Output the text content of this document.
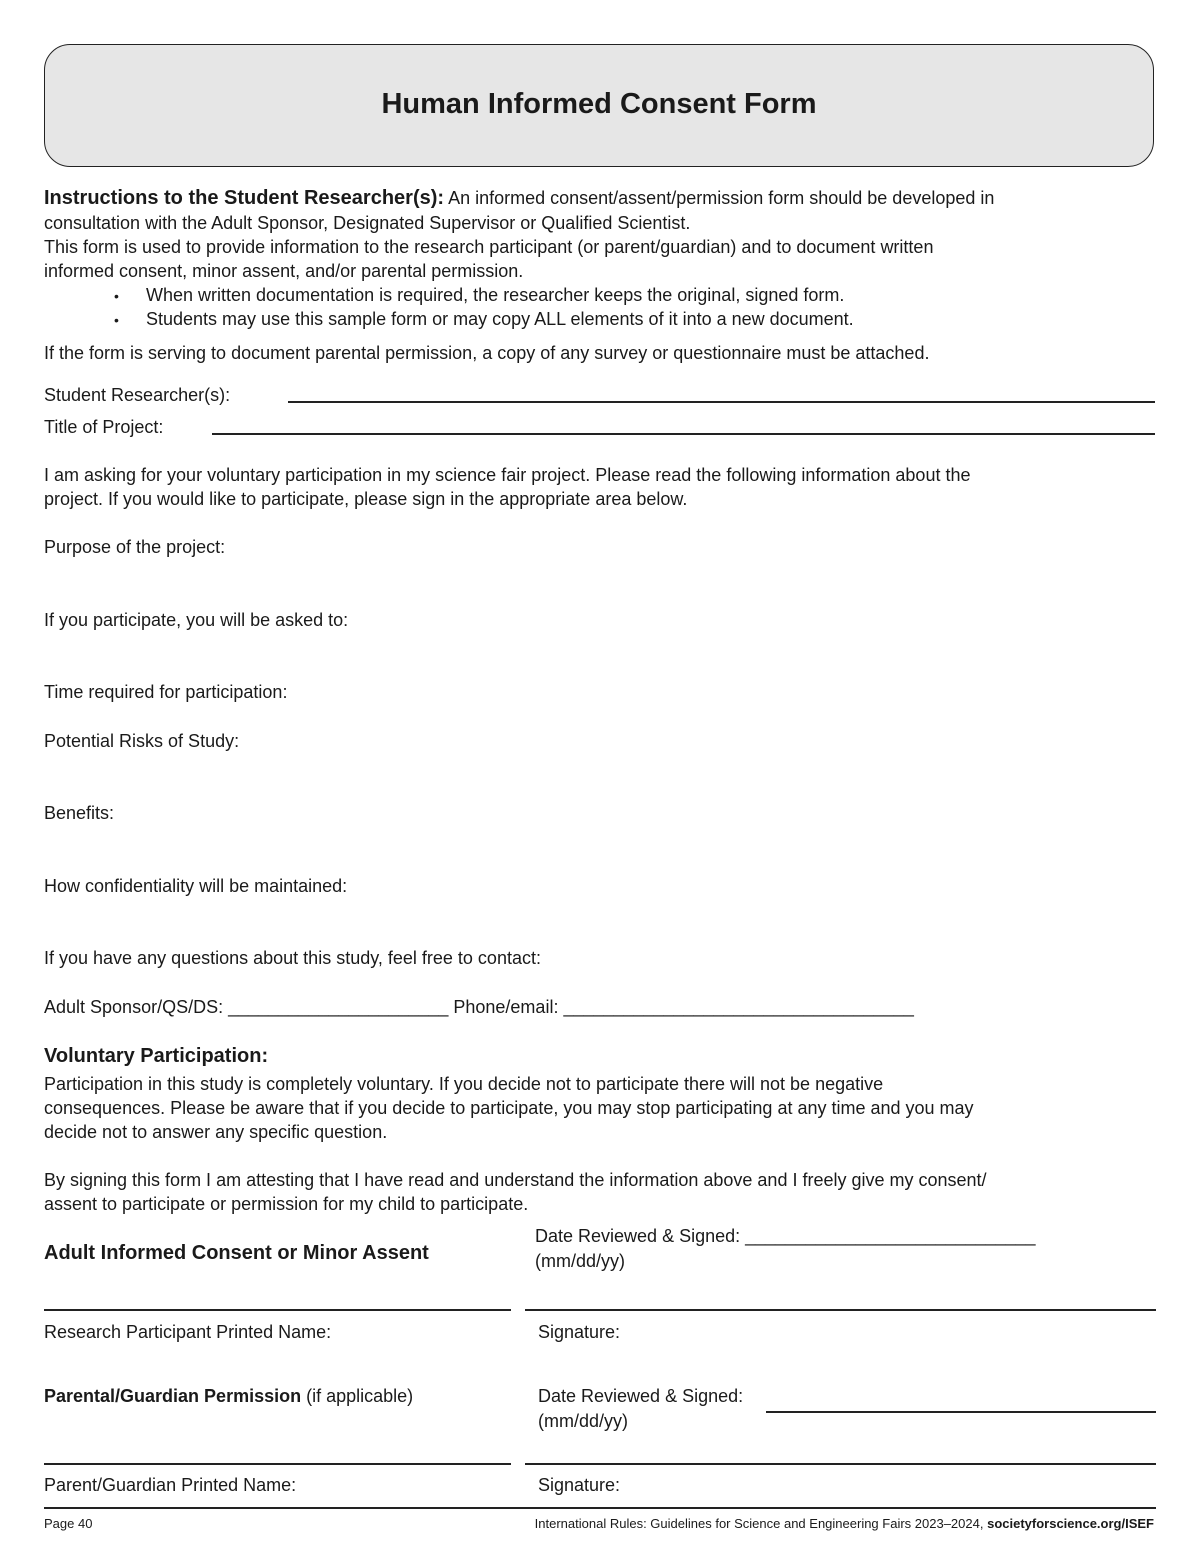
Human Informed Consent Form
Instructions to the Student Researcher(s): An informed consent/assent/permission form should be developed in
consultation with the Adult Sponsor, Designated Supervisor or Qualified Scientist.
This form is used to provide information to the research participant (or parent/guardian) and to document written
informed consent, minor assent, and/or parental permission.
• When written documentation is required, the researcher keeps the original, signed form.
• Students may use this sample form or may copy ALL elements of it into a new document.
If the form is serving to document parental permission, a copy of any survey or questionnaire must be attached.
Student Researcher(s):
Title of Project:
I am asking for your voluntary participation in my science fair project. Please read the following information about the
project. If you would like to participate, please sign in the appropriate area below.
Purpose of the project:
If you participate, you will be asked to:
Time required for participation:
Potential Risks of Study:
Benefits:
How confidentiality will be maintained:
If you have any questions about this study, feel free to contact:
Adult Sponsor/QS/DS: ______________________ Phone/email: ___________________________________
Voluntary Participation:
Participation in this study is completely voluntary. If you decide not to participate there will not be negative
consequences. Please be aware that if you decide to participate, you may stop participating at any time and you may
decide not to answer any specific question.
By signing this form I am attesting that I have read and understand the information above and I freely give my consent/
assent to participate or permission for my child to participate.
Adult Informed Consent or Minor Assent
Date Reviewed & Signed: _____________________________
(mm/dd/yy)
Research Participant Printed Name:	Signature:
Parental/Guardian Permission (if applicable)	Date Reviewed & Signed:
(mm/dd/yy)
Parent/Guardian Printed Name:	Signature:
Page 40	International Rules: Guidelines for Science and Engineering Fairs 2023–2024, societyforscience.org/ISEF
